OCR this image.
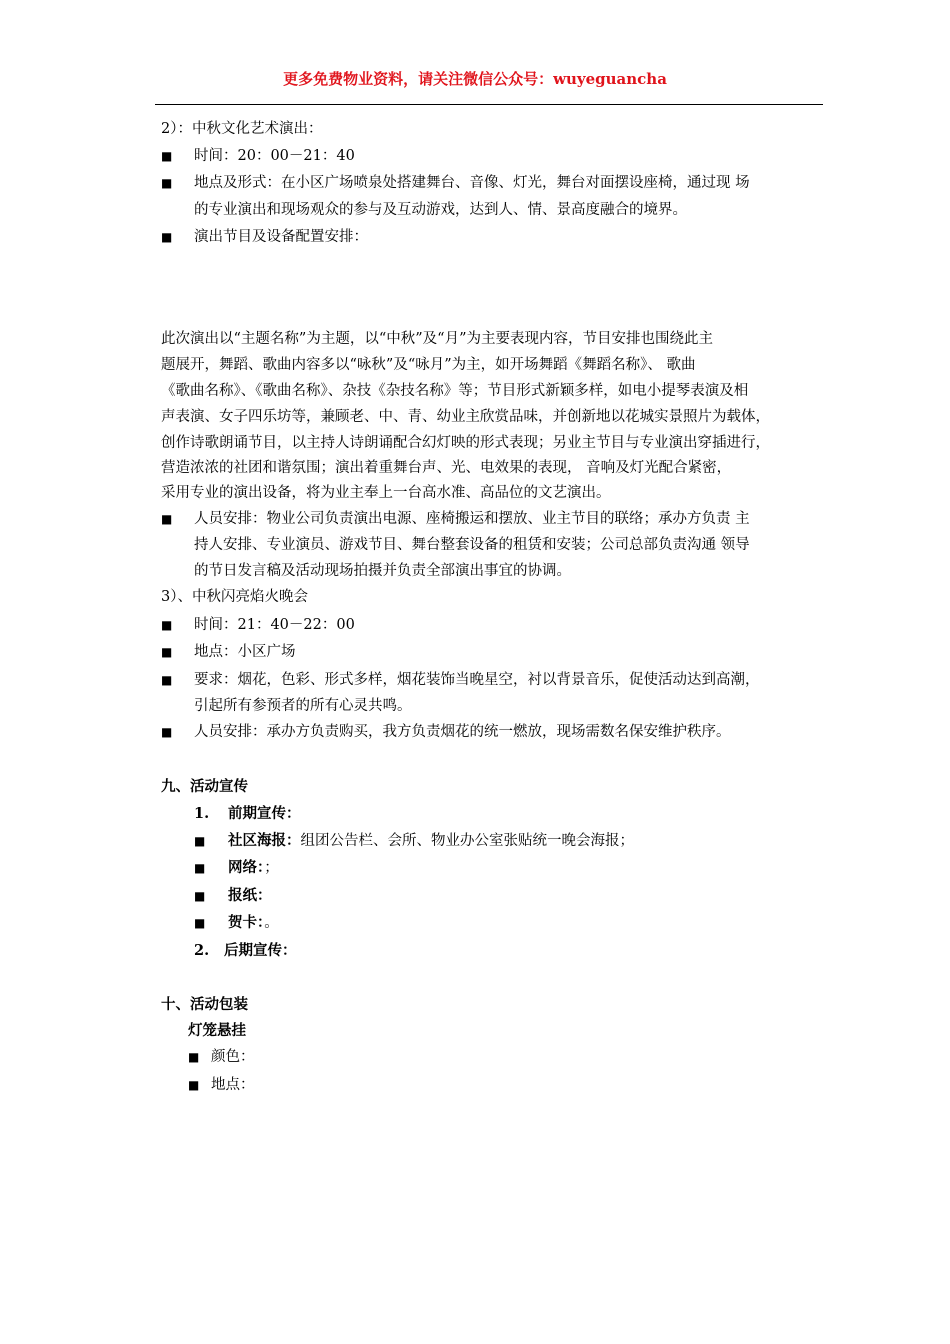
更多免费物业资料，请关注微信公众号：wuyeguancha
2）：中秋文化艺术演出：
■ 时间：20：00－21：40
■ 地点及形式：在小区广场喷泉处搭建舞台、音像、灯光，舞台对面摆设座椅，通过现 场
的专业演出和现场观众的参与及互动游戏，达到人、情、景高度融合的境界。
■ 演出节目及设备配置安排：
此次演出以“主题名称”为主题，以“中秋”及“月”为主要表现内容，节目安排也围绕此主
题展开，舞蹈、歌曲内容多以“咏秋”及“咏月”为主，如开场舞蹈《舞蹈名称》、 歌曲
《歌曲名称》、《歌曲名称》、杂技《杂技名称》等；节目形式新颖多样，如电小提琴表演及相
声表演、女子四乐坊等，兼顾老、中、青、幼业主欣赏品味，并创新地以花城实景照片为载体，
创作诗歌朗诵节目，以主持人诗朗诵配合幻灯映的形式表现；另业主节目与专业演出穿插进行，
营造浓浓的社团和谐氛围；演出着重舞台声、光、电效果的表现， 音响及灯光配合紧密，
采用专业的演出设备，将为业主奉上一台高水准、高品位的文艺演出。
■ 人员安排：物业公司负责演出电源、座椅搬运和摆放、业主节目的联络；承办方负责 主
持人安排、专业演员、游戏节目、舞台整套设备的租赁和安装；公司总部负责沟通 领导
的节日发言稿及活动现场拍摄并负责全部演出事宜的协调。
3）、中秋闪亮焰火晚会
■ 时间：21：40－22：00
■ 地点：小区广场
■ 要求：烟花，色彩、形式多样，烟花装饰当晚星空，衬以背景音乐，促使活动达到高潮，
引起所有参预者的所有心灵共鸣。
■ 人员安排：承办方负责购买，我方负责烟花的统一燃放，现场需数名保安维护秩序。
九、活动宣传
1. 前期宣传：
■ 社区海报：组团公告栏、会所、物业办公室张贴统一晚会海报；
■ 网络：；
■ 报纸：
■ 贺卡：。
2. 后期宣传：
十、活动包装
灯笼悬挂
■ 颜色：
■ 地点：
